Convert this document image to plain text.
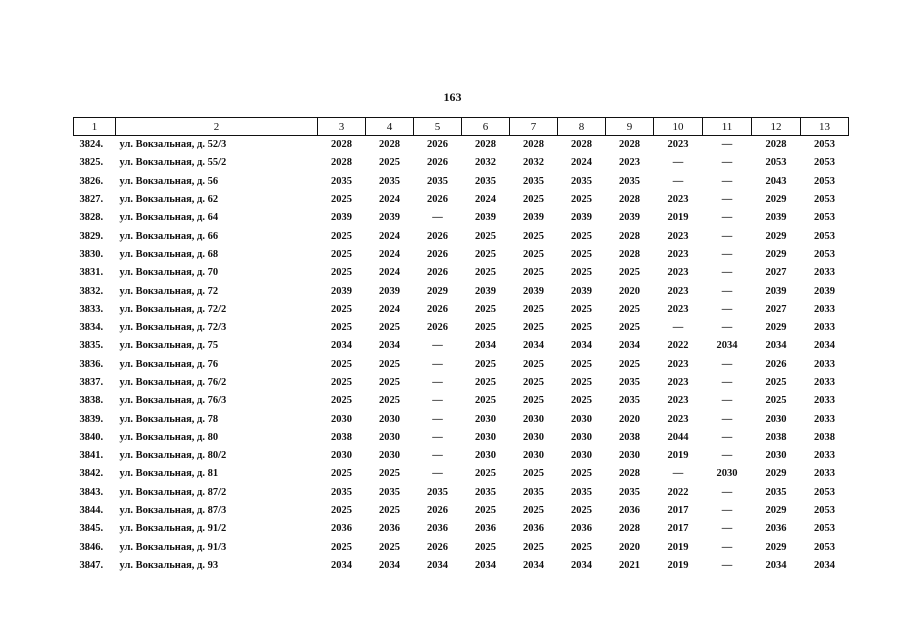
163
1	2	3	4	5	6	7	8	9	10	11	12	13
3824.	ул. Вокзальная, д. 52/3	2028	2028	2026	2028	2028	2028	2028	2023	—	2028	2053
3825.	ул. Вокзальная, д. 55/2	2028	2025	2026	2032	2032	2024	2023	—	—	2053	2053
3826.	ул. Вокзальная, д. 56	2035	2035	2035	2035	2035	2035	2035	—	—	2043	2053
3827.	ул. Вокзальная, д. 62	2025	2024	2026	2024	2025	2025	2028	2023	—	2029	2053
3828.	ул. Вокзальная, д. 64	2039	2039	—	2039	2039	2039	2039	2019	—	2039	2053
3829.	ул. Вокзальная, д. 66	2025	2024	2026	2025	2025	2025	2028	2023	—	2029	2053
3830.	ул. Вокзальная, д. 68	2025	2024	2026	2025	2025	2025	2028	2023	—	2029	2053
3831.	ул. Вокзальная, д. 70	2025	2024	2026	2025	2025	2025	2025	2023	—	2027	2033
3832.	ул. Вокзальная, д. 72	2039	2039	2029	2039	2039	2039	2020	2023	—	2039	2039
3833.	ул. Вокзальная, д. 72/2	2025	2024	2026	2025	2025	2025	2025	2023	—	2027	2033
3834.	ул. Вокзальная, д. 72/3	2025	2025	2026	2025	2025	2025	2025	—	—	2029	2033
3835.	ул. Вокзальная, д. 75	2034	2034	—	2034	2034	2034	2034	2022	2034	2034	2034
3836.	ул. Вокзальная, д. 76	2025	2025	—	2025	2025	2025	2025	2023	—	2026	2033
3837.	ул. Вокзальная, д. 76/2	2025	2025	—	2025	2025	2025	2035	2023	—	2025	2033
3838.	ул. Вокзальная, д. 76/3	2025	2025	—	2025	2025	2025	2035	2023	—	2025	2033
3839.	ул. Вокзальная, д. 78	2030	2030	—	2030	2030	2030	2020	2023	—	2030	2033
3840.	ул. Вокзальная, д. 80	2038	2030	—	2030	2030	2030	2038	2044	—	2038	2038
3841.	ул. Вокзальная, д. 80/2	2030	2030	—	2030	2030	2030	2030	2019	—	2030	2033
3842.	ул. Вокзальная, д. 81	2025	2025	—	2025	2025	2025	2028	—	2030	2029	2033
3843.	ул. Вокзальная, д. 87/2	2035	2035	2035	2035	2035	2035	2035	2022	—	2035	2053
3844.	ул. Вокзальная, д. 87/3	2025	2025	2026	2025	2025	2025	2036	2017	—	2029	2053
3845.	ул. Вокзальная, д. 91/2	2036	2036	2036	2036	2036	2036	2028	2017	—	2036	2053
3846.	ул. Вокзальная, д. 91/3	2025	2025	2026	2025	2025	2025	2020	2019	—	2029	2053
3847.	ул. Вокзальная, д. 93	2034	2034	2034	2034	2034	2034	2021	2019	—	2034	2034
